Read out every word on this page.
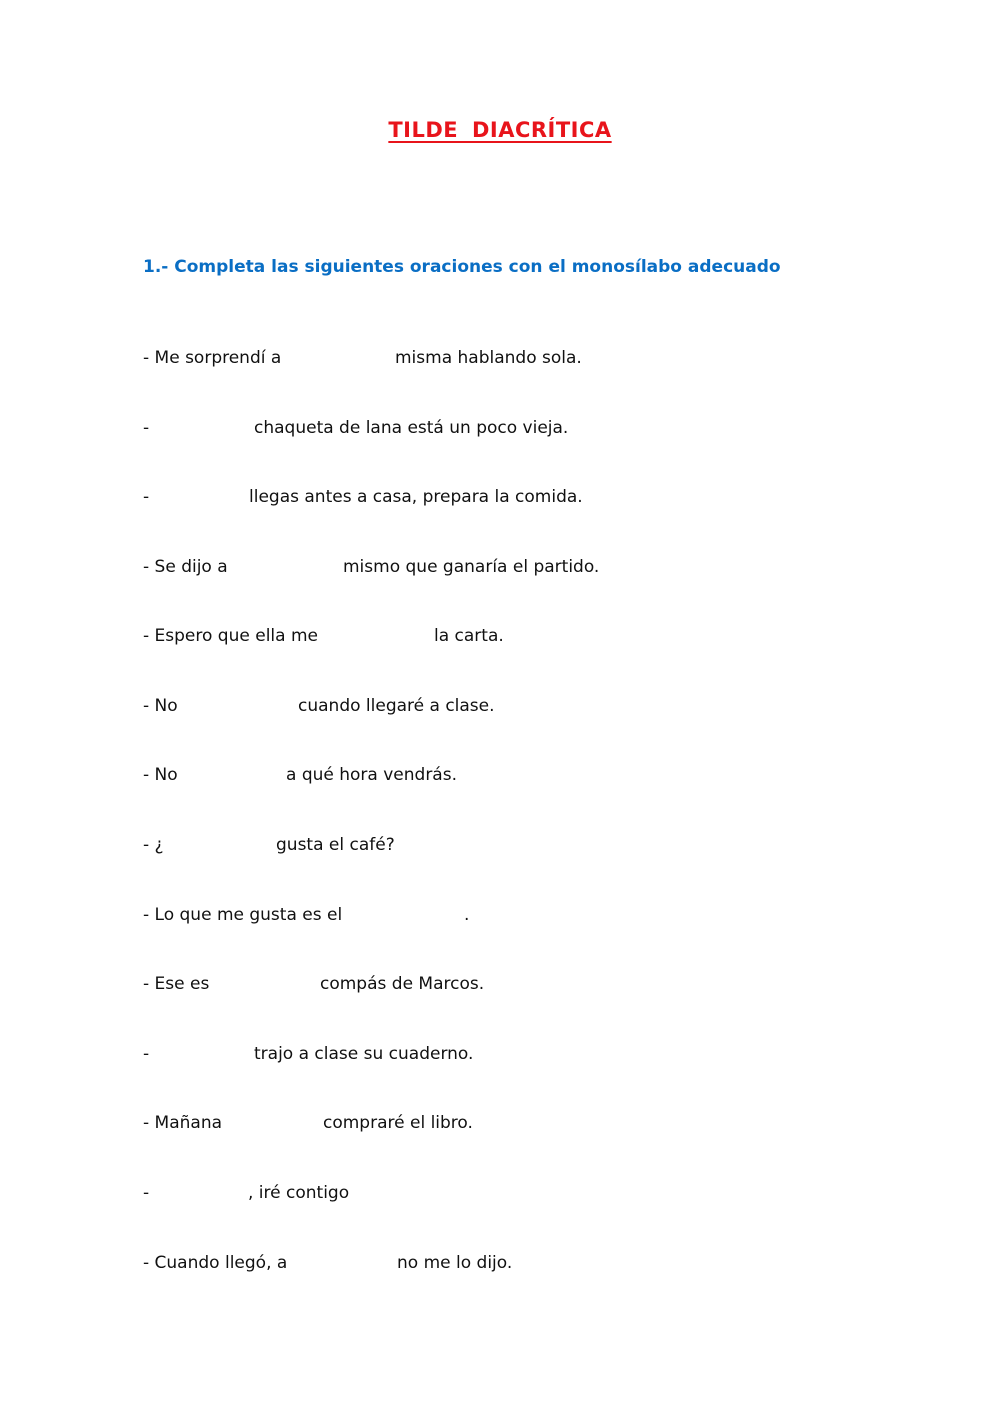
TILDE DIACRÍTICA
1.- Completa las siguientes oraciones con el monosílabo adecuado
- Me sorprendí a	misma hablando sola.
-	chaqueta de lana está un poco vieja.
-	llegas antes a casa, prepara la comida.
- Se dijo a	mismo que ganaría el partido.
- Espero que ella me	la carta.
- No	cuando llegaré a clase.
- No	a qué hora vendrás.
- ¿	gusta el café?
- Lo que me gusta es el	.
- Ese es	compás de Marcos.
-	trajo a clase su cuaderno.
- Mañana	compraré el libro.
-	, iré contigo
- Cuando llegó, a	no me lo dijo.
